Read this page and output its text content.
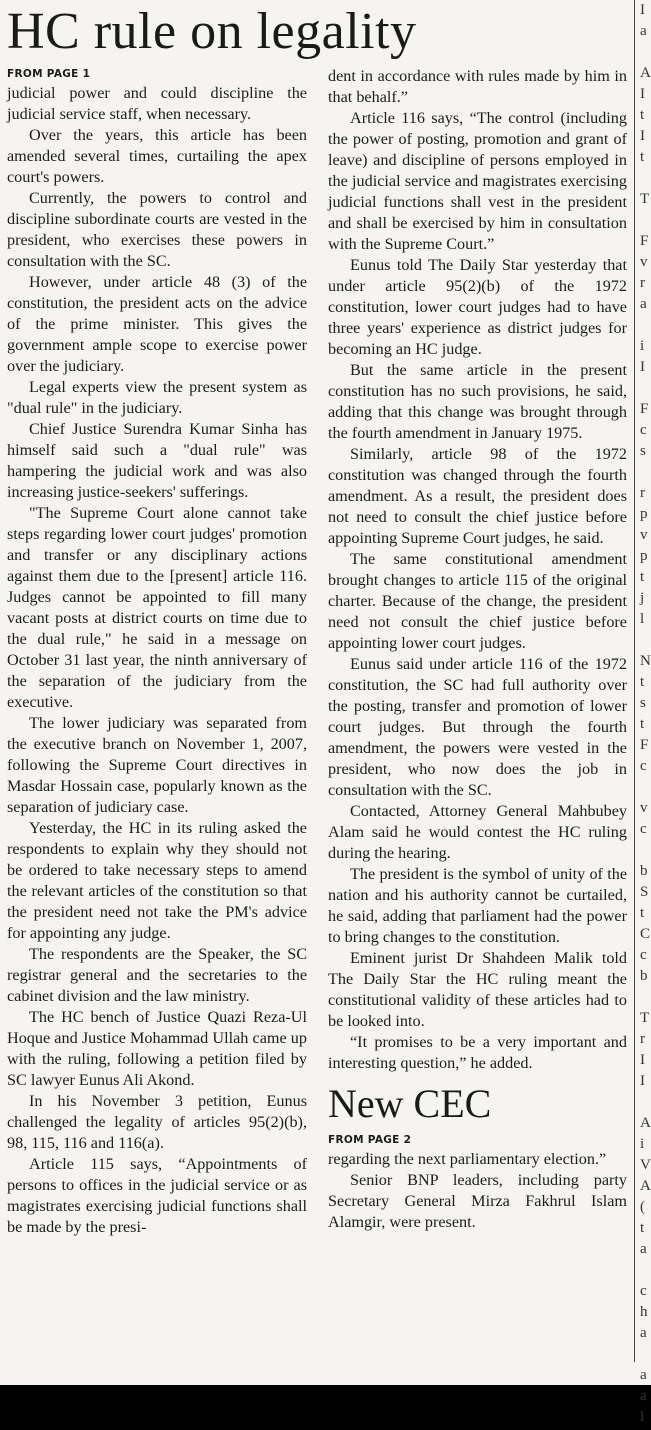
HC rule on legality
FROM PAGE 1

judicial power and could discipline the judicial service staff, when necessary.

Over the years, this article has been amended several times, curtailing the apex court's powers.

Currently, the powers to control and discipline subordinate courts are vested in the president, who exercises these powers in consultation with the SC.

However, under article 48 (3) of the constitution, the president acts on the advice of the prime minister. This gives the government ample scope to exercise power over the judiciary.

Legal experts view the present system as "dual rule" in the judiciary.

Chief Justice Surendra Kumar Sinha has himself said such a "dual rule" was hampering the judicial work and was also increasing justice-seekers' sufferings.

"The Supreme Court alone cannot take steps regarding lower court judges' promotion and transfer or any disciplinary actions against them due to the [present] article 116. Judges cannot be appointed to fill many vacant posts at district courts on time due to the dual rule," he said in a message on October 31 last year, the ninth anniversary of the separation of the judiciary from the executive.

The lower judiciary was separated from the executive branch on November 1, 2007, following the Supreme Court directives in Masdar Hossain case, popularly known as the separation of judiciary case.

Yesterday, the HC in its ruling asked the respondents to explain why they should not be ordered to take necessary steps to amend the relevant articles of the constitution so that the president need not take the PM's advice for appointing any judge.

The respondents are the Speaker, the SC registrar general and the secretaries to the cabinet division and the law ministry.

The HC bench of Justice Quazi Reza-Ul Hoque and Justice Mohammad Ullah came up with the ruling, following a petition filed by SC lawyer Eunus Ali Akond.

In his November 3 petition, Eunus challenged the legality of articles 95(2)(b), 98, 115, 116 and 116(a).

Article 115 says, “Appointments of persons to offices in the judicial service or as magistrates exercising judicial functions shall be made by the presi-

dent in accordance with rules made by him in that behalf.”

Article 116 says, “The control (including the power of posting, promotion and grant of leave) and discipline of persons employed in the judicial service and magistrates exercising judicial functions shall vest in the president and shall be exercised by him in consultation with the Supreme Court.”

Eunus told The Daily Star yesterday that under article 95(2)(b) of the 1972 constitution, lower court judges had to have three years' experience as district judges for becoming an HC judge.

But the same article in the present constitution has no such provisions, he said, adding that this change was brought through the fourth amendment in January 1975.

Similarly, article 98 of the 1972 constitution was changed through the fourth amendment. As a result, the president does not need to consult the chief justice before appointing Supreme Court judges, he said.

The same constitutional amendment brought changes to article 115 of the original charter. Because of the change, the president need not consult the chief justice before appointing lower court judges.

Eunus said under article 116 of the 1972 constitution, the SC had full authority over the posting, transfer and promotion of lower court judges. But through the fourth amendment, the powers were vested in the president, who now does the job in consultation with the SC.

Contacted, Attorney General Mahbubey Alam said he would contest the HC ruling during the hearing.

The president is the symbol of unity of the nation and his authority cannot be curtailed, he said, adding that parliament had the power to bring changes to the constitution.

Eminent jurist Dr Shahdeen Malik told The Daily Star the HC ruling meant the constitutional validity of these articles had to be looked into.

“It promises to be a very important and interesting question,” he added.

New CEC
FROM PAGE 2

regarding the next parliamentary election.”

Senior BNP leaders, including party Secretary General Mirza Fakhrul Islam Alamgir, were present.

I
a
A
I
t
I
t
T
F
v
r
a
i
I
F
c
s
r
p
v
p
t
j
l
N
t
s
t
F
c
v
c
b
S
t
C
c
b
T
r
I
I
A
i
V
A
(
t
a
c
h
a
a
a
l
